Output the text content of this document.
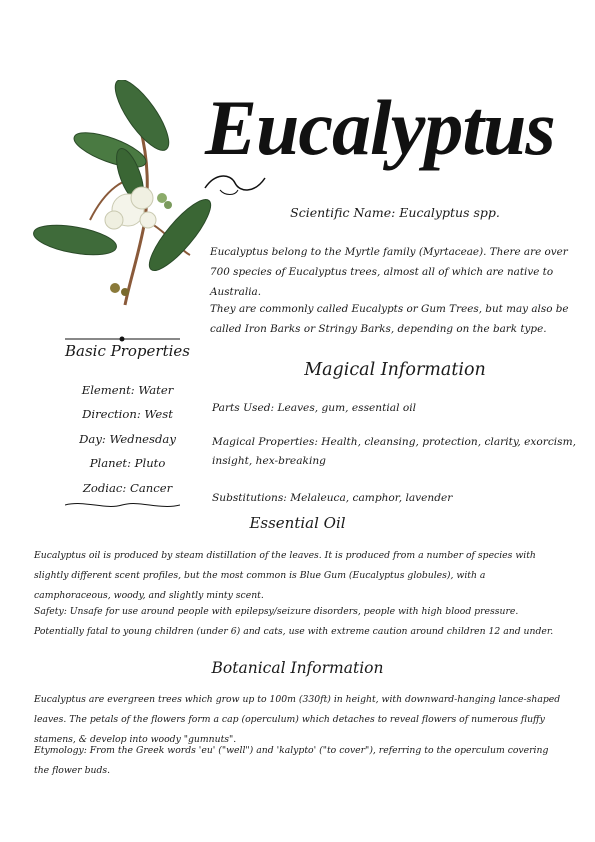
Eucalyptus
Scientific Name: Eucalyptus spp.
Eucalyptus belong to the Myrtle family (Myrtaceae). There are over 700 species of Eucalyptus trees, almost all of which are native to Australia.
They are commonly called Eucalypts or Gum Trees, but may also be called Iron Barks or Stringy Barks, depending on the bark type.
Basic Properties
Element: Water
Direction: West
Day: Wednesday
Planet: Pluto
Zodiac: Cancer
Magical Information
Parts Used: Leaves, gum, essential oil
Magical Properties: Health, cleansing, protection, clarity, exorcism, insight, hex-breaking
Substitutions: Melaleuca, camphor, lavender
Essential Oil
Eucalyptus oil is produced by steam distillation of the leaves. It is produced from a number of species with slightly different scent profiles, but the most common is Blue Gum (Eucalyptus globules), with a camphoraceous, woody, and slightly minty scent.
Safety: Unsafe for use around people with epilepsy/seizure disorders, people with high blood pressure. Potentially fatal to young children (under 6) and cats, use with extreme caution around children 12 and under.
Botanical Information
Eucalyptus are evergreen trees which grow up to 100m (330ft) in height, with downward-hanging lance-shaped leaves. The petals of the flowers form a cap (operculum) which detaches to reveal flowers of numerous fluffy stamens, & develop into woody "gumnuts".
Etymology: From the Greek words 'eu' ("well") and 'kalypto' ("to cover"), referring to the operculum covering the flower buds.
